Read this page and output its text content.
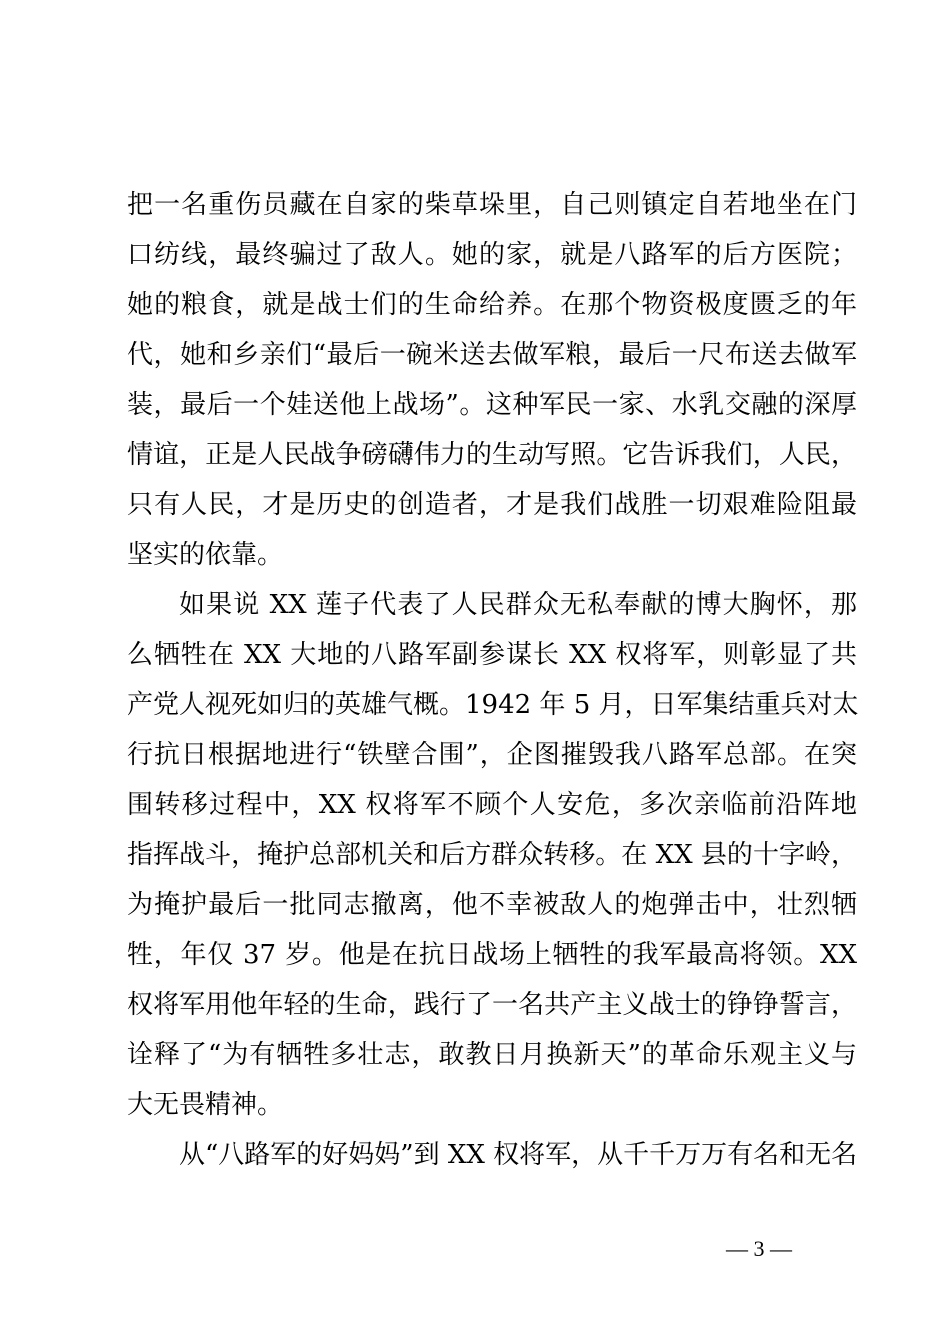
把一名重伤员藏在自家的柴草垛里，自己则镇定自若地坐在门
口纺线，最终骗过了敌人。她的家，就是八路军的后方医院；
她的粮食，就是战士们的生命给养。在那个物资极度匮乏的年
代，她和乡亲们“最后一碗米送去做军粮，最后一尺布送去做军
装，最后一个娃送他上战场”。这种军民一家、水乳交融的深厚
情谊，正是人民战争磅礴伟力的生动写照。它告诉我们，人民，
只有人民，才是历史的创造者，才是我们战胜一切艰难险阻最
坚实的依靠。
如果说 XX 莲子代表了人民群众无私奉献的博大胸怀，那
么牺牲在 XX 大地的八路军副参谋长 XX 权将军，则彰显了共
产党人视死如归的英雄气概。1942 年 5 月，日军集结重兵对太
行抗日根据地进行“铁壁合围”，企图摧毁我八路军总部。在突
围转移过程中，XX 权将军不顾个人安危，多次亲临前沿阵地
指挥战斗，掩护总部机关和后方群众转移。在 XX 县的十字岭，
为掩护最后一批同志撤离，他不幸被敌人的炮弹击中，壮烈牺
牲，年仅 37 岁。他是在抗日战场上牺牲的我军最高将领。XX
权将军用他年轻的生命，践行了一名共产主义战士的铮铮誓言，
诠释了“为有牺牲多壮志，敢教日月换新天”的革命乐观主义与
大无畏精神。
从“八路军的好妈妈”到 XX 权将军，从千千万万有名和无名
— 3 —
